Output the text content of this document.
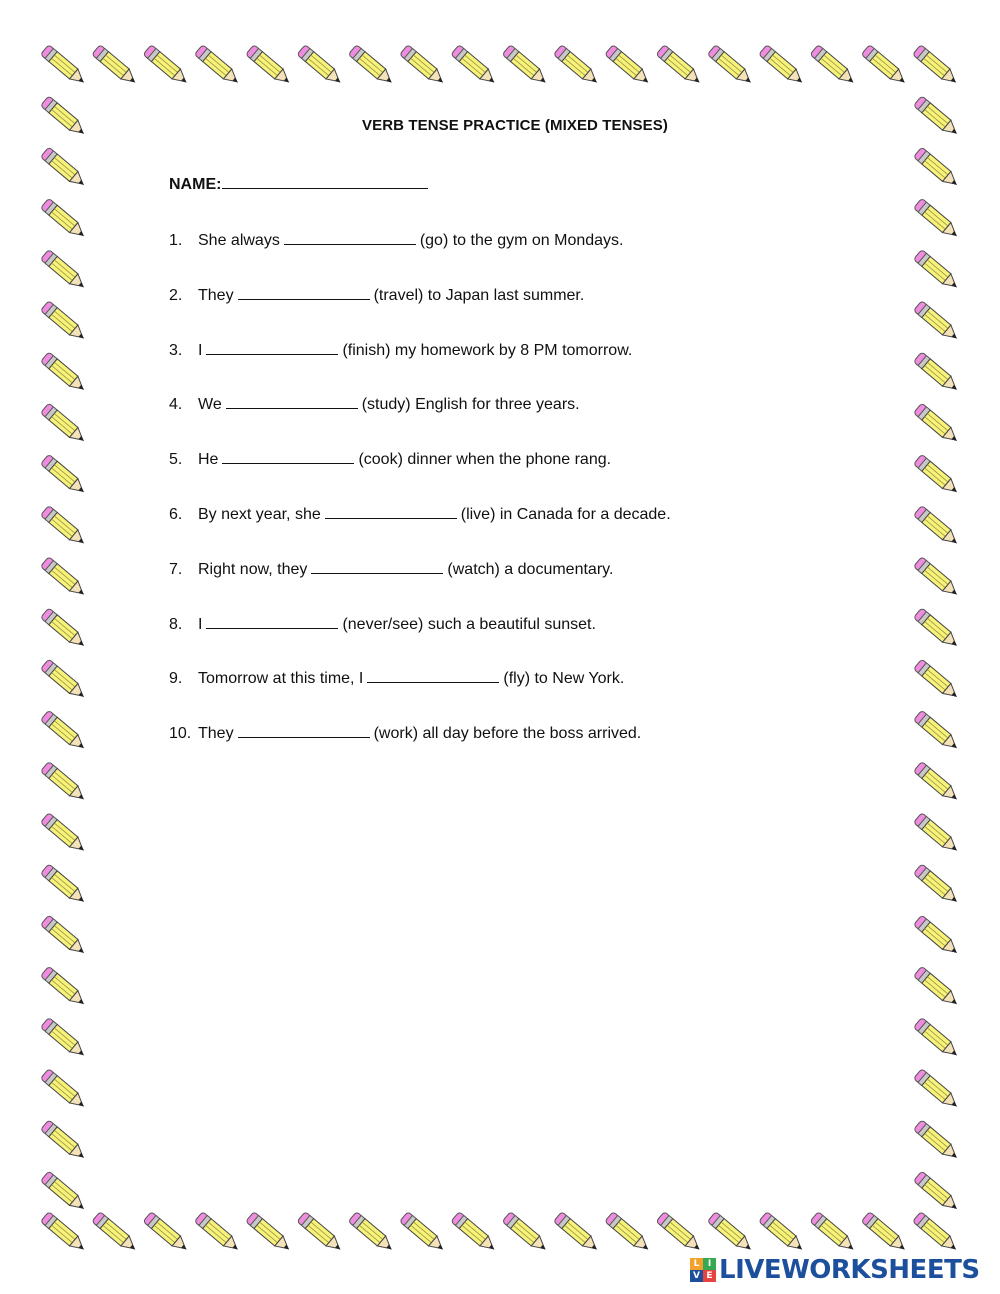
VERB TENSE PRACTICE (MIXED TENSES)
NAME:
1. She always	(go) to the gym on Mondays.
2. They	(travel) to Japan last summer.
3. I	(finish) my homework by 8 PM tomorrow.
4. We	(study) English for three years.
5. He	(cook) dinner when the phone rang.
6. By next year, she	(live) in Canada for a decade.
7. Right now, they	(watch) a documentary.
8. I	(never/see) such a beautiful sunset.
9. Tomorrow at this time, I	(fly) to New York.
10. They	(work) all day before the boss arrived.
L I
V E LIVEWORKSHEETS
